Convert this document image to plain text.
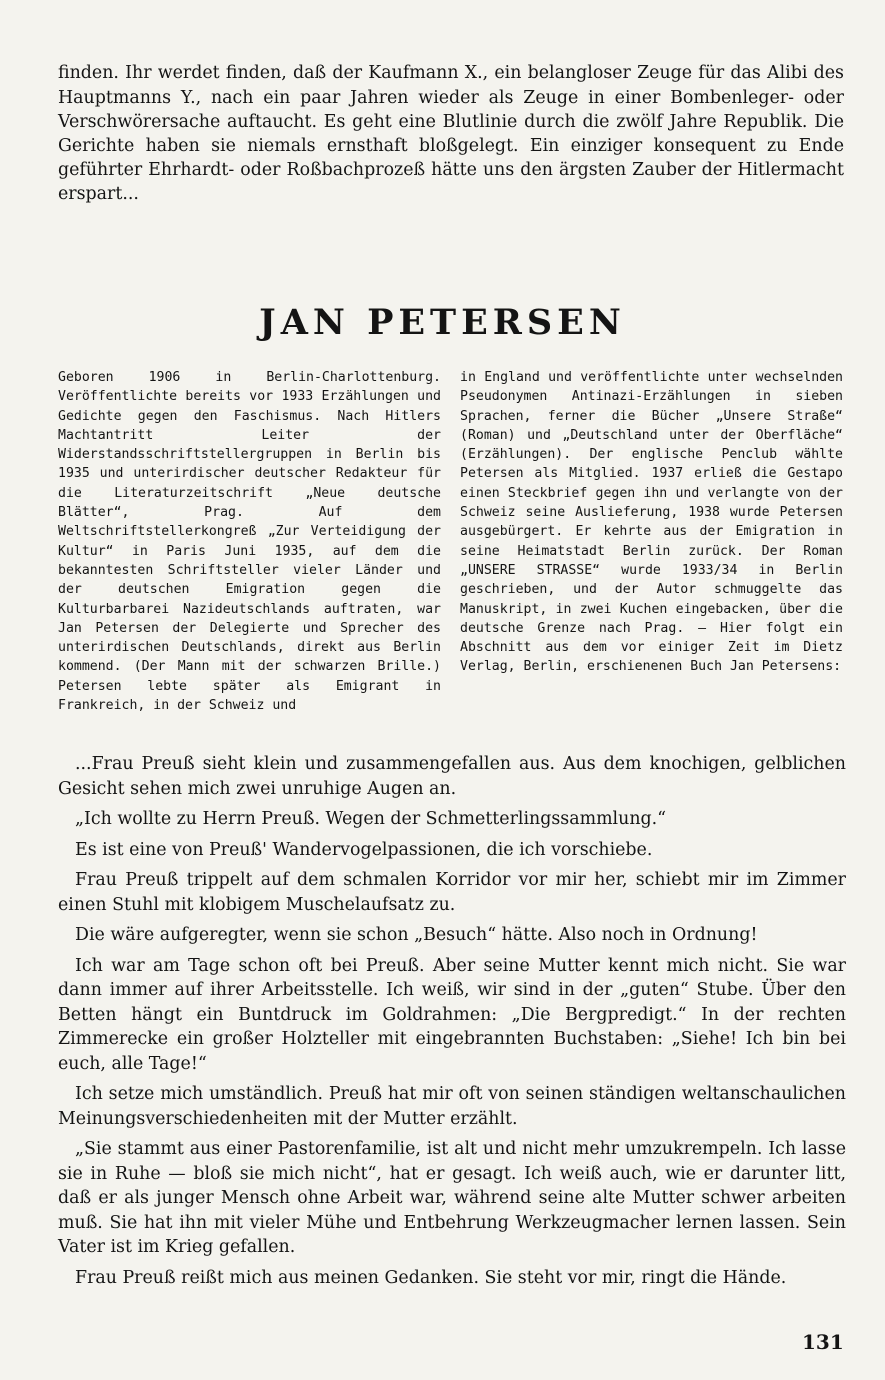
finden. Ihr werdet finden, daß der Kaufmann X., ein belangloser Zeuge für das Alibi des Hauptmanns Y., nach ein paar Jahren wieder als Zeuge in einer Bombenleger- oder Verschwörersache auftaucht. Es geht eine Blutlinie durch die zwölf Jahre Republik. Die Gerichte haben sie niemals ernsthaft bloßgelegt. Ein einziger konsequent zu Ende geführter Ehrhardt- oder Roßbachprozeß hätte uns den ärgsten Zauber der Hitlermacht erspart...

JAN PETERSEN
Geboren 1906 in Berlin-Charlottenburg. Veröffentlichte bereits vor 1933 Erzählungen und Gedichte gegen den Faschismus. Nach Hitlers Machtantritt Leiter der Widerstandsschriftstellergruppen in Berlin bis 1935 und unterirdischer deutscher Redakteur für die Literaturzeitschrift „Neue deutsche Blätter“, Prag. Auf dem Weltschriftstellerkongreß „Zur Verteidigung der Kultur“ in Paris Juni 1935, auf dem die bekanntesten Schriftsteller vieler Länder und der deutschen Emigration gegen die Kulturbarbarei Nazideutschlands auftraten, war Jan Petersen der Delegierte und Sprecher des unterirdischen Deutschlands, direkt aus Berlin kommend. (Der Mann mit der schwarzen Brille.) Petersen lebte später als Emigrant in Frankreich, in der Schweiz und
in England und veröffentlichte unter wechselnden Pseudonymen Antinazi-Erzählungen in sieben Sprachen, ferner die Bücher „Unsere Straße“ (Roman) und „Deutschland unter der Oberfläche“ (Erzählungen). Der englische Penclub wählte Petersen als Mitglied. 1937 erließ die Gestapo einen Steckbrief gegen ihn und verlangte von der Schweiz seine Auslieferung, 1938 wurde Petersen ausgebürgert. Er kehrte aus der Emigration in seine Heimatstadt Berlin zurück. Der Roman „UNSERE STRASSE“ wurde 1933/34 in Berlin geschrieben, und der Autor schmuggelte das Manuskript, in zwei Kuchen eingebacken, über die deutsche Grenze nach Prag. — Hier folgt ein Abschnitt aus dem vor einiger Zeit im Dietz Verlag, Berlin, erschienenen Buch Jan Petersens:

...Frau Preuß sieht klein und zusammengefallen aus. Aus dem knochigen, gelblichen Gesicht sehen mich zwei unruhige Augen an.

„Ich wollte zu Herrn Preuß. Wegen der Schmetterlingssammlung.“

Es ist eine von Preuß' Wandervogelpassionen, die ich vorschiebe.

Frau Preuß trippelt auf dem schmalen Korridor vor mir her, schiebt mir im Zimmer einen Stuhl mit klobigem Muschelaufsatz zu.

Die wäre aufgeregter, wenn sie schon „Besuch“ hätte. Also noch in Ordnung!

Ich war am Tage schon oft bei Preuß. Aber seine Mutter kennt mich nicht. Sie war dann immer auf ihrer Arbeitsstelle. Ich weiß, wir sind in der „guten“ Stube. Über den Betten hängt ein Buntdruck im Goldrahmen: „Die Bergpredigt.“ In der rechten Zimmerecke ein großer Holzteller mit eingebrannten Buchstaben: „Siehe! Ich bin bei euch, alle Tage!“

Ich setze mich umständlich. Preuß hat mir oft von seinen ständigen weltanschaulichen Meinungsverschiedenheiten mit der Mutter erzählt.

„Sie stammt aus einer Pastorenfamilie, ist alt und nicht mehr umzukrempeln. Ich lasse sie in Ruhe — bloß sie mich nicht“, hat er gesagt. Ich weiß auch, wie er darunter litt, daß er als junger Mensch ohne Arbeit war, während seine alte Mutter schwer arbeiten muß. Sie hat ihn mit vieler Mühe und Entbehrung Werkzeugmacher lernen lassen. Sein Vater ist im Krieg gefallen.

Frau Preuß reißt mich aus meinen Gedanken. Sie steht vor mir, ringt die Hände.

131
